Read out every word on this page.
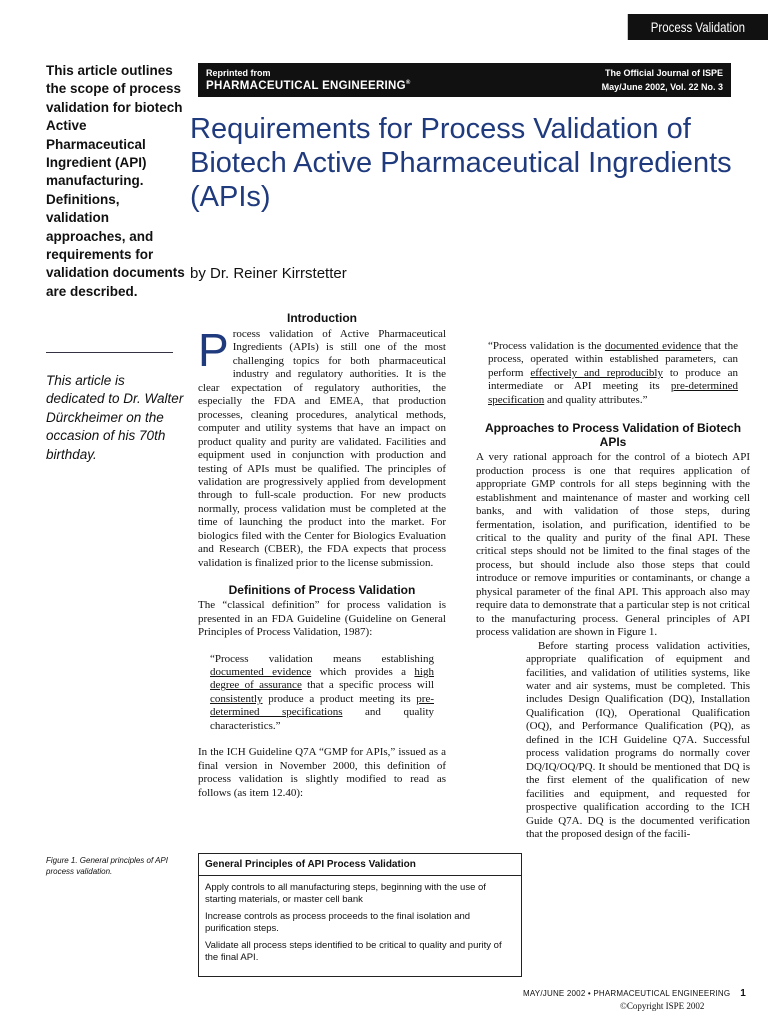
Process Validation
This article outlines the scope of process validation for biotech Active Pharmaceutical Ingredient (API) manufacturing. Definitions, validation approaches, and requirements for validation documents are described.
This article is dedicated to Dr. Walter Dürckheimer on the occasion of his 70th birthday.
Reprinted from
PHARMACEUTICAL ENGINEERING®
The Official Journal of ISPE
May/June 2002, Vol. 22 No. 3
Requirements for Process Validation of Biotech Active Pharmaceutical Ingredients (APIs)
by Dr. Reiner Kirrstetter
Introduction

Process validation of Active Pharmaceutical Ingredients (APIs) is still one of the most challenging topics for both pharmaceutical industry and regulatory authorities. It is the clear expectation of regulatory authorities, the especially the FDA and EMEA, that production processes, cleaning procedures, analytical methods, computer and utility systems that have an impact on product quality and purity are validated. Facilities and equipment used in conjunction with production and testing of APIs must be qualified. The principles of validation are progressively applied from development through to full-scale production. For new products normally, process validation must be completed at the time of launching the product into the market. For biologics filed with the Center for Biologics Evaluation and Research (CBER), the FDA expects that process validation is finalized prior to the license submission.

Definitions of Process Validation

The “classical definition” for process validation is presented in an FDA Guideline (Guideline on General Principles of Process Validation, 1987):

“Process validation means establishing documented evidence which provides a high degree of assurance that a specific process will consistently produce a product meeting its pre-determined specifications and quality characteristics.”

In the ICH Guideline Q7A “GMP for APIs,” issued as a final version in November 2000, this definition of process validation is slightly modified to read as follows (as item 12.40):

“Process validation is the documented evidence that the process, operated within established parameters, can perform effectively and reproducibly to produce an intermediate or API meeting its pre-determined specification and quality attributes.”

Approaches to Process Validation of Biotech APIs

A very rational approach for the control of a biotech API production process is one that requires application of appropriate GMP controls for all steps beginning with the establishment and maintenance of master and working cell banks, and with validation of those steps, during fermentation, isolation, and purification, identified to be critical to the quality and purity of the final API. These critical steps should not be limited to the final stages of the process, but should include also those steps that could introduce or remove impurities or contaminants, or change a physical parameter of the final API. This approach also may require data to demonstrate that a particular step is not critical to the manufacturing process. General principles of API process validation are shown in Figure 1.

Before starting process validation activities, appropriate qualification of equipment and facilities, and validation of utilities systems, like water and air systems, must be completed. This includes Design Qualification (DQ), Installation Qualification (IQ), Operational Qualification (OQ), and Performance Qualification (PQ), as defined in the ICH Guideline Q7A. Successful process validation programs do normally cover DQ/IQ/OQ/PQ. It should be mentioned that DQ is the first element of the qualification of new facilities and equipment, and requested for prospective qualification according to the ICH Guide Q7A. DQ is the documented verification that the proposed design of the facili-

Figure 1. General principles of API process validation.
General Principles of API Process Validation
Apply controls to all manufacturing steps, beginning with the use of starting materials, or master cell bank
Increase controls as process proceeds to the final isolation and purification steps.
Validate all process steps identified to be critical to quality and purity of the final API.
MAY/JUNE 2002 • PHARMACEUTICAL ENGINEERING 1
©Copyright ISPE 2002
